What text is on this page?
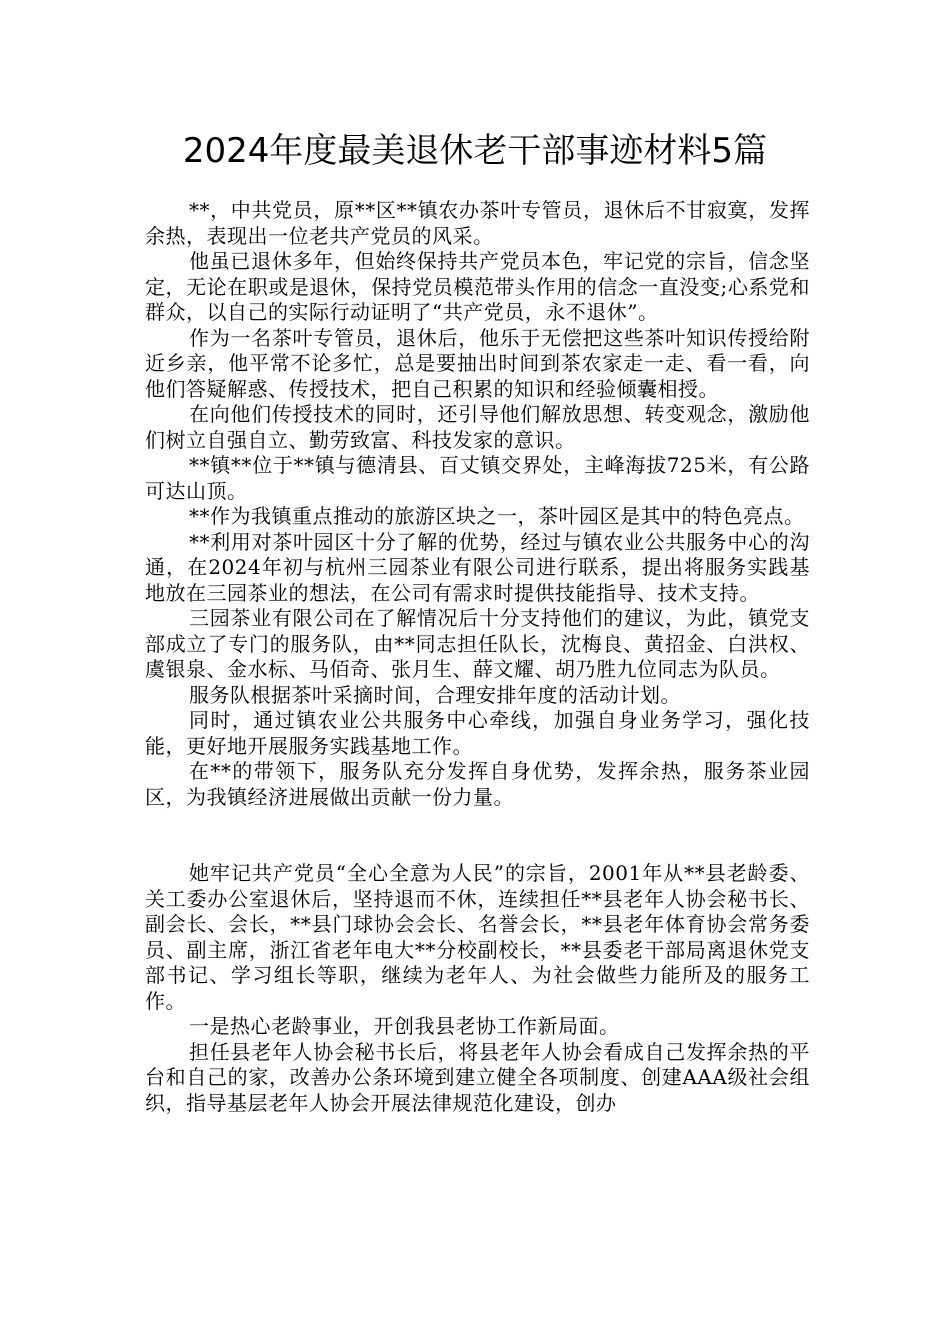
2024年度最美退休老干部事迹材料5篇

**，中共党员，原**区**镇农办茶叶专管员，退休后不甘寂寞，发挥余热，表现出一位老共产党员的风采。

他虽已退休多年，但始终保持共产党员本色，牢记党的宗旨，信念坚定，无论在职或是退休，保持党员模范带头作用的信念一直没变;心系党和群众，以自己的实际行动证明了“共产党员，永不退休”。

作为一名茶叶专管员，退休后，他乐于无偿把这些茶叶知识传授给附近乡亲，他平常不论多忙，总是要抽出时间到茶农家走一走、看一看，向他们答疑解惑、传授技术，把自己积累的知识和经验倾囊相授。

在向他们传授技术的同时，还引导他们解放思想、转变观念，激励他们树立自强自立、勤劳致富、科技发家的意识。

**镇**位于**镇与德清县、百丈镇交界处，主峰海拔725米，有公路可达山顶。

**作为我镇重点推动的旅游区块之一，茶叶园区是其中的特色亮点。

**利用对茶叶园区十分了解的优势，经过与镇农业公共服务中心的沟通，在2024年初与杭州三园茶业有限公司进行联系，提出将服务实践基地放在三园茶业的想法，在公司有需求时提供技能指导、技术支持。

三园茶业有限公司在了解情况后十分支持他们的建议，为此，镇党支部成立了专门的服务队，由**同志担任队长，沈梅良、黄招金、白洪权、虞银泉、金水标、马佰奇、张月生、薛文耀、胡乃胜九位同志为队员。

服务队根据茶叶采摘时间，合理安排年度的活动计划。

同时，通过镇农业公共服务中心牵线，加强自身业务学习，强化技能，更好地开展服务实践基地工作。

在**的带领下，服务队充分发挥自身优势，发挥余热，服务茶业园区，为我镇经济进展做出贡献一份力量。

她牢记共产党员“全心全意为人民”的宗旨，2001年从**县老龄委、关工委办公室退休后，坚持退而不休，连续担任**县老年人协会秘书长、副会长、会长，**县门球协会会长、名誉会长，**县老年体育协会常务委员、副主席，浙江省老年电大**分校副校长，**县委老干部局离退休党支部书记、学习组长等职，继续为老年人、为社会做些力能所及的服务工作。

一是热心老龄事业，开创我县老协工作新局面。

担任县老年人协会秘书长后，将县老年人协会看成自己发挥余热的平台和自己的家，改善办公条环境到建立健全各项制度、创建AAA级社会组织，指导基层老年人协会开展法律规范化建设，创办
